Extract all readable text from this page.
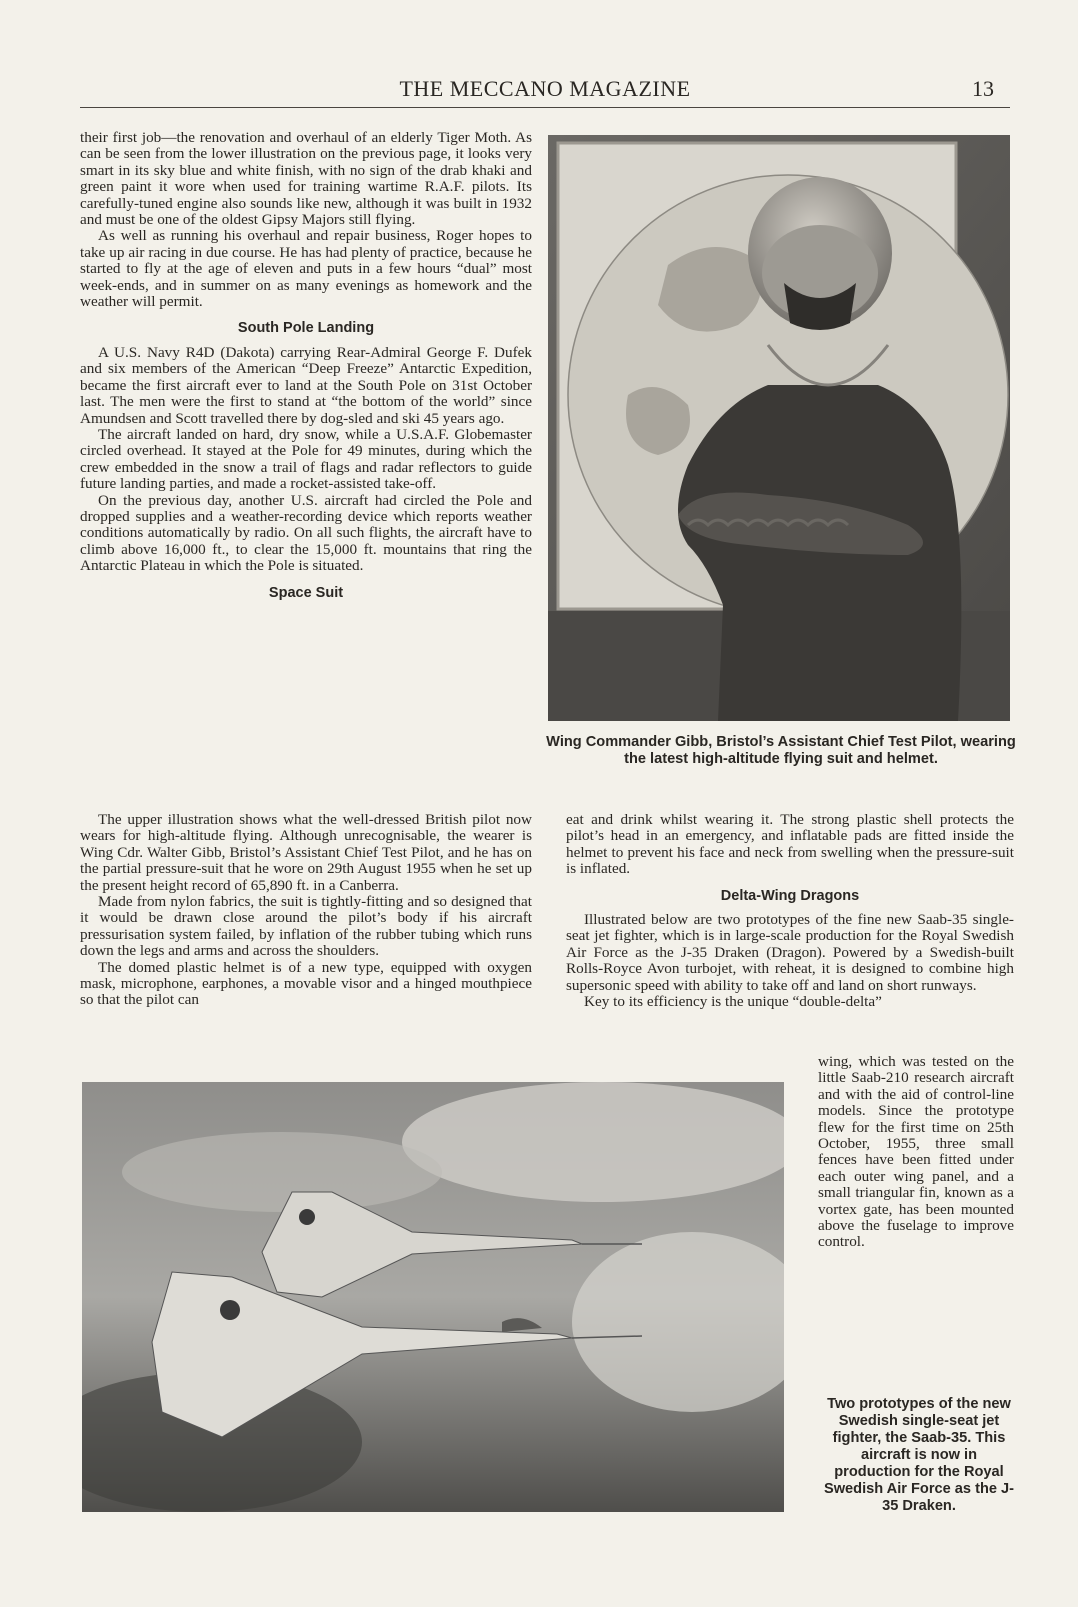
THE MECCANO MAGAZINE	13

their first job—the renovation and overhaul of an elderly Tiger Moth. As can be seen from the lower illustration on the previous page, it looks very smart in its sky blue and white finish, with no sign of the drab khaki and green paint it wore when used for training wartime R.A.F. pilots. Its carefully-tuned engine also sounds like new, although it was built in 1932 and must be one of the oldest Gipsy Majors still flying.

As well as running his overhaul and repair business, Roger hopes to take up air racing in due course. He has had plenty of practice, because he started to fly at the age of eleven and puts in a few hours “dual” most week-ends, and in summer on as many evenings as homework and the weather will permit.

South Pole Landing

A U.S. Navy R4D (Dakota) carrying Rear-Admiral George F. Dufek and six members of the American “Deep Freeze” Antarctic Expedition, became the first aircraft ever to land at the South Pole on 31st October last. The men were the first to stand at “the bottom of the world” since Amundsen and Scott travelled there by dog-sled and ski 45 years ago.

The aircraft landed on hard, dry snow, while a U.S.A.F. Globemaster circled overhead. It stayed at the Pole for 49 minutes, during which the crew embedded in the snow a trail of flags and radar reflectors to guide future landing parties, and made a rocket-assisted take-off.

On the previous day, another U.S. aircraft had circled the Pole and dropped supplies and a weather-recording device which reports weather conditions automatically by radio. On all such flights, the aircraft have to climb above 16,000 ft., to clear the 15,000 ft. mountains that ring the Antarctic Plateau in which the Pole is situated.

Space Suit
Wing Commander Gibb, Bristol’s Assistant Chief Test Pilot, wearing the latest high-altitude flying suit and helmet.

The upper illustration shows what the well-dressed British pilot now wears for high-altitude flying. Although unrecognisable, the wearer is Wing Cdr. Walter Gibb, Bristol’s Assistant Chief Test Pilot, and he has on the partial pressure-suit that he wore on 29th August 1955 when he set up the present height record of 65,890 ft. in a Canberra.

Made from nylon fabrics, the suit is tightly-fitting and so designed that it would be drawn close around the pilot’s body if his aircraft pressurisation system failed, by inflation of the rubber tubing which runs down the legs and arms and across the shoulders.

The domed plastic helmet is of a new type, equipped with oxygen mask, microphone, earphones, a movable visor and a hinged mouthpiece so that the pilot can

eat and drink whilst wearing it. The strong plastic shell protects the pilot’s head in an emergency, and inflatable pads are fitted inside the helmet to prevent his face and neck from swelling when the pressure-suit is inflated.

Delta-Wing Dragons

Illustrated below are two prototypes of the fine new Saab-35 single-seat jet fighter, which is in large-scale production for the Royal Swedish Air Force as the J-35 Draken (Dragon). Powered by a Swedish-built Rolls-Royce Avon turbojet, with reheat, it is designed to combine high supersonic speed with ability to take off and land on short runways.

Key to its efficiency is the unique “double-delta”

wing, which was tested on the little Saab-210 research aircraft and with the aid of control-line models. Since the prototype flew for the first time on 25th October, 1955, three small fences have been fitted under each outer wing panel, and a small triangular fin, known as a vortex gate, has been mounted above the fuselage to improve control.

Two prototypes of the new Swedish single-seat jet fighter, the Saab-35. This aircraft is now in production for the Royal Swedish Air Force as the J-35 Draken.
